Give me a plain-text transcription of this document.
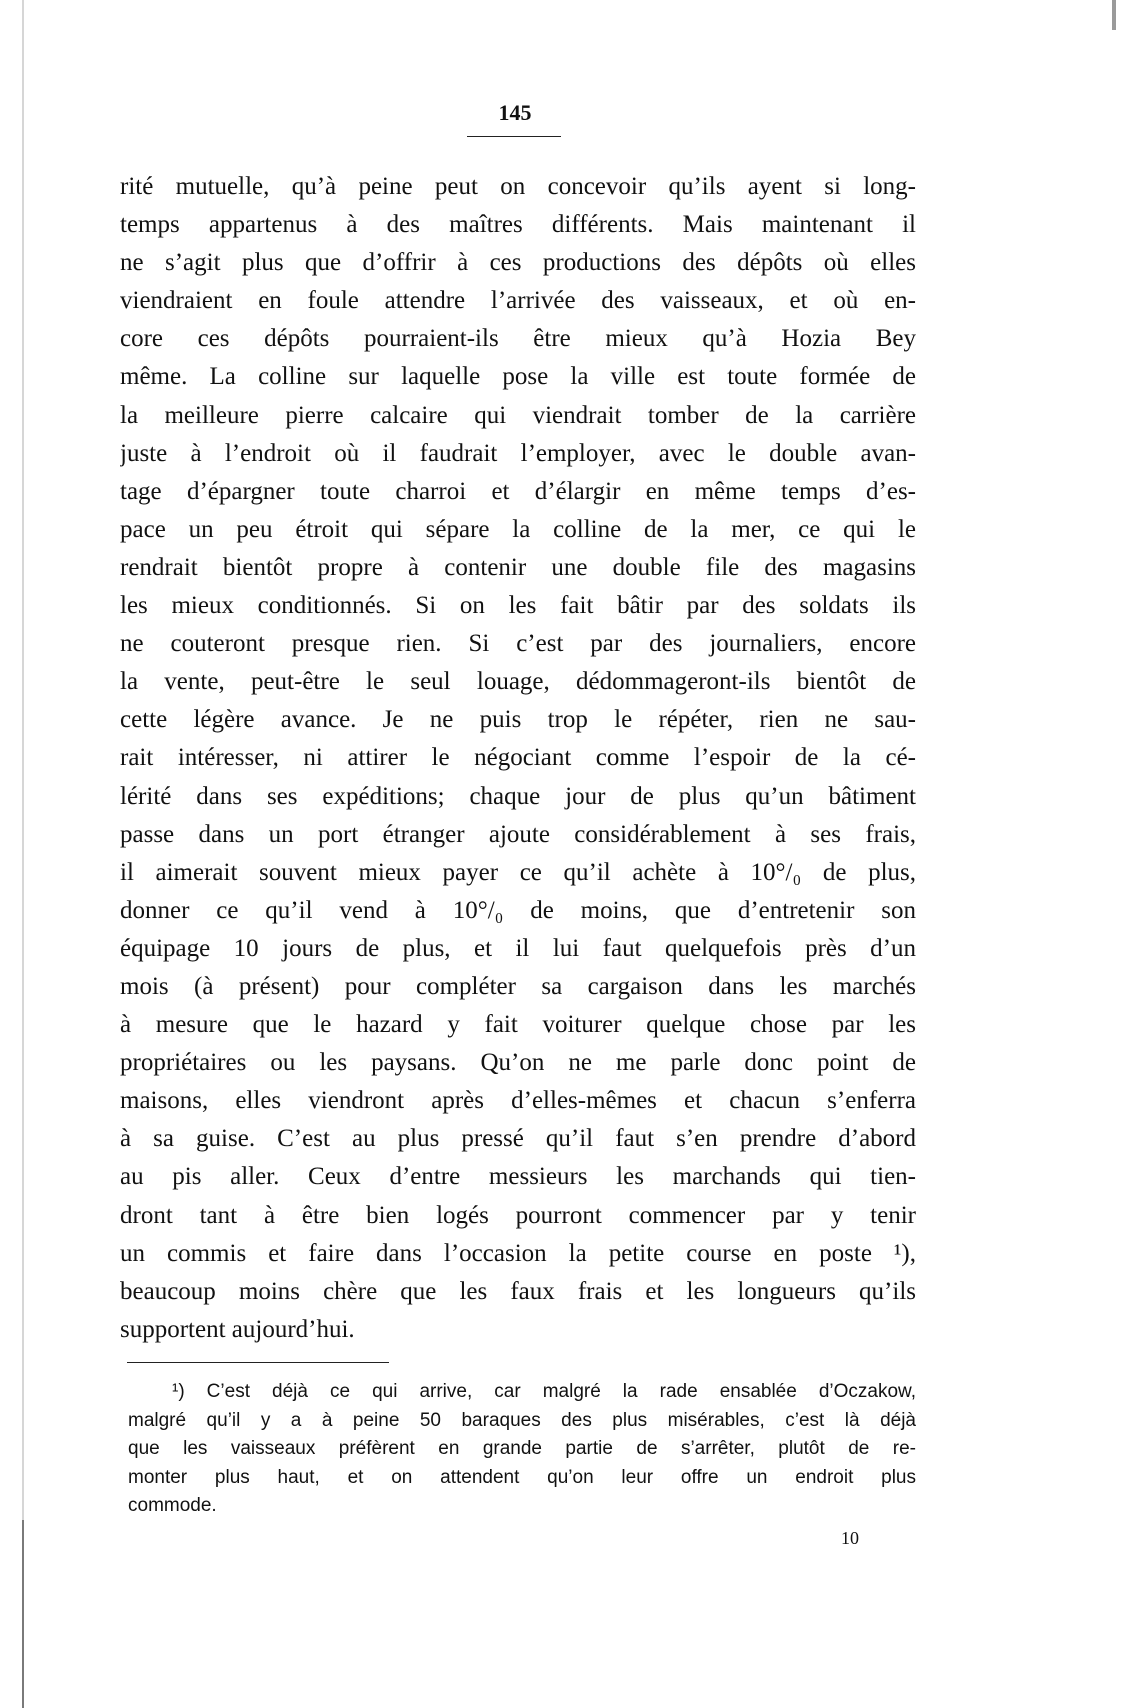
145
rité mutuelle, qu’à peine peut on concevoir qu’ils ayent si long-
temps appartenus à des maîtres différents. Mais maintenant il
ne s’agit plus que d’offrir à ces productions des dépôts où elles
viendraient en foule attendre l’arrivée des vaisseaux, et où en-
core ces dépôts pourraient-ils être mieux qu’à Hozia Bey
même. La colline sur laquelle pose la ville est toute formée de
la meilleure pierre calcaire qui viendrait tomber de la carrière
juste à l’endroit où il faudrait l’employer, avec le double avan-
tage d’épargner toute charroi et d’élargir en même temps d’es-
pace un peu étroit qui sépare la colline de la mer, ce qui le
rendrait bientôt propre à contenir une double file des magasins
les mieux conditionnés. Si on les fait bâtir par des soldats ils
ne couteront presque rien. Si c’est par des journaliers, encore
la vente, peut-être le seul louage, dédommageront-ils bientôt de
cette légère avance. Je ne puis trop le répéter, rien ne sau-
rait intéresser, ni attirer le négociant comme l’espoir de la cé-
lérité dans ses expéditions; chaque jour de plus qu’un bâtiment
passe dans un port étranger ajoute considérablement à ses frais,
il aimerait souvent mieux payer ce qu’il achète à 10°/₀ de plus,
donner ce qu’il vend à 10°/₀ de moins, que d’entretenir son
équipage 10 jours de plus, et il lui faut quelquefois près d’un
mois (à présent) pour compléter sa cargaison dans les marchés
à mesure que le hazard y fait voiturer quelque chose par les
propriétaires ou les paysans. Qu’on ne me parle donc point de
maisons, elles viendront après d’elles-mêmes et chacun s’enferra
à sa guise. C’est au plus pressé qu’il faut s’en prendre d’abord
au pis aller. Ceux d’entre messieurs les marchands qui tien-
dront tant à être bien logés pourront commencer par y tenir
un commis et faire dans l’occasion la petite course en poste ¹),
beaucoup moins chère que les faux frais et les longueurs qu’ils
supportent aujourd’hui.
¹) C’est déjà ce qui arrive, car malgré la rade ensablée d’Oczakow,
malgré qu’il y a à peine 50 baraques des plus misérables, c’est là déjà
que les vaisseaux préfèrent en grande partie de s’arrêter, plutôt de re-
monter plus haut, et on attendent qu’on leur offre un endroit plus
commode.
10
